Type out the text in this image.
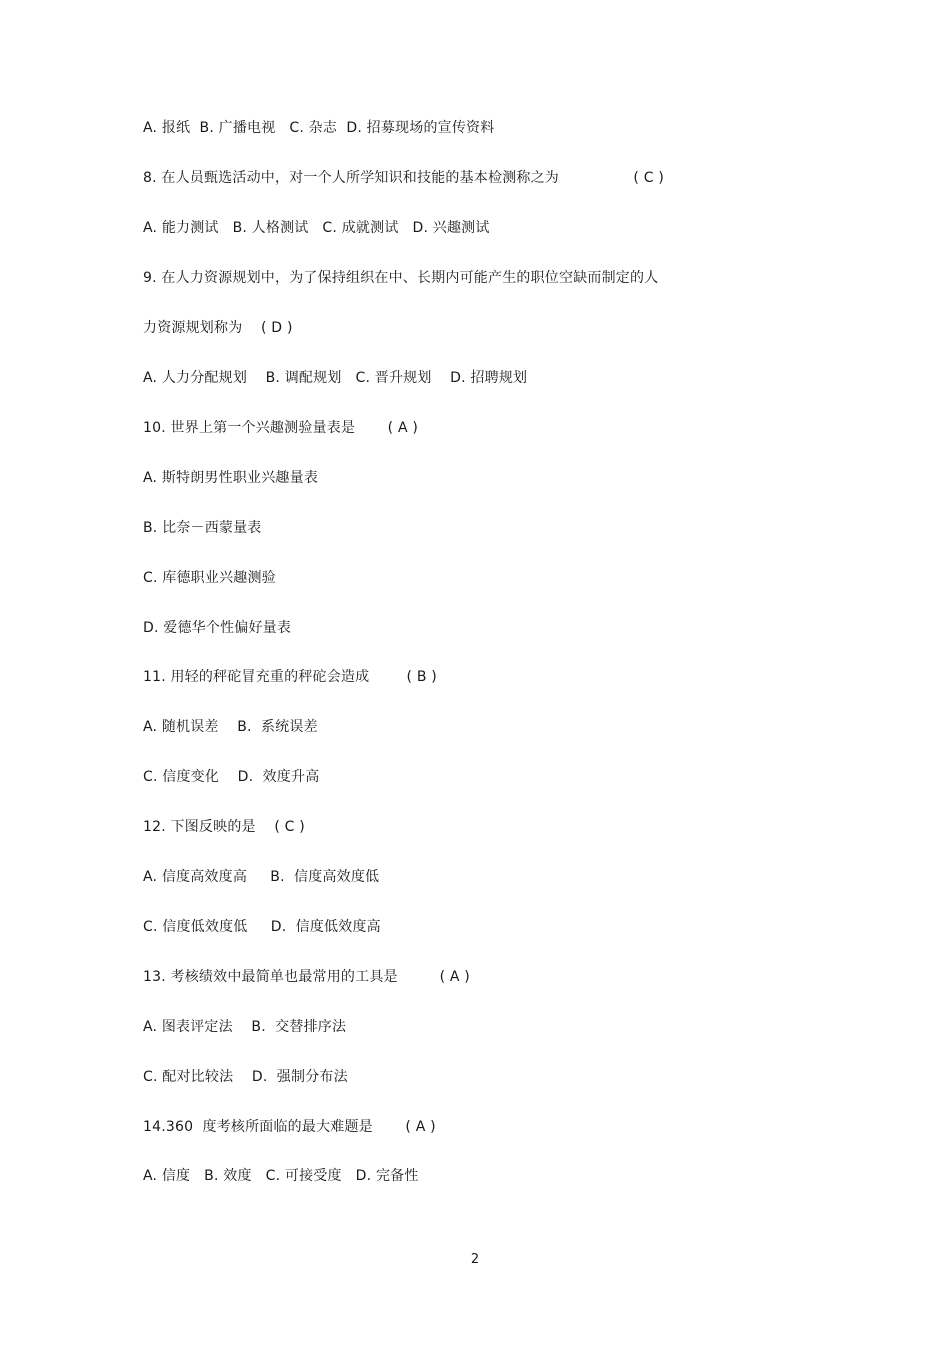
A. 报纸  B. 广播电视   C. 杂志  D. 招募现场的宣传资料
8. 在人员甄选活动中，对一个人所学知识和技能的基本检测称之为                ( C )
A. 能力测试   B. 人格测试   C. 成就测试   D. 兴趣测试
9. 在人力资源规划中，为了保持组织在中、长期内可能产生的职位空缺而制定的人
力资源规划称为    ( D )
A. 人力分配规划    B. 调配规划   C. 晋升规划    D. 招聘规划
10. 世界上第一个兴趣测验量表是       ( A )
A. 斯特朗男性职业兴趣量表
B. 比奈－西蒙量表
C. 库德职业兴趣测验
D. 爱德华个性偏好量表
11. 用轻的秤砣冒充重的秤砣会造成        ( B )
A. 随机误差    B.  系统误差
C. 信度变化    D.  效度升高
12. 下图反映的是    ( C )
A. 信度高效度高     B.  信度高效度低
C. 信度低效度低     D.  信度低效度高
13. 考核绩效中最简单也最常用的工具是         ( A )
A. 图表评定法    B.  交替排序法
C. 配对比较法    D.  强制分布法
14.360  度考核所面临的最大难题是       ( A )
A. 信度   B. 效度   C. 可接受度   D. 完备性
2
